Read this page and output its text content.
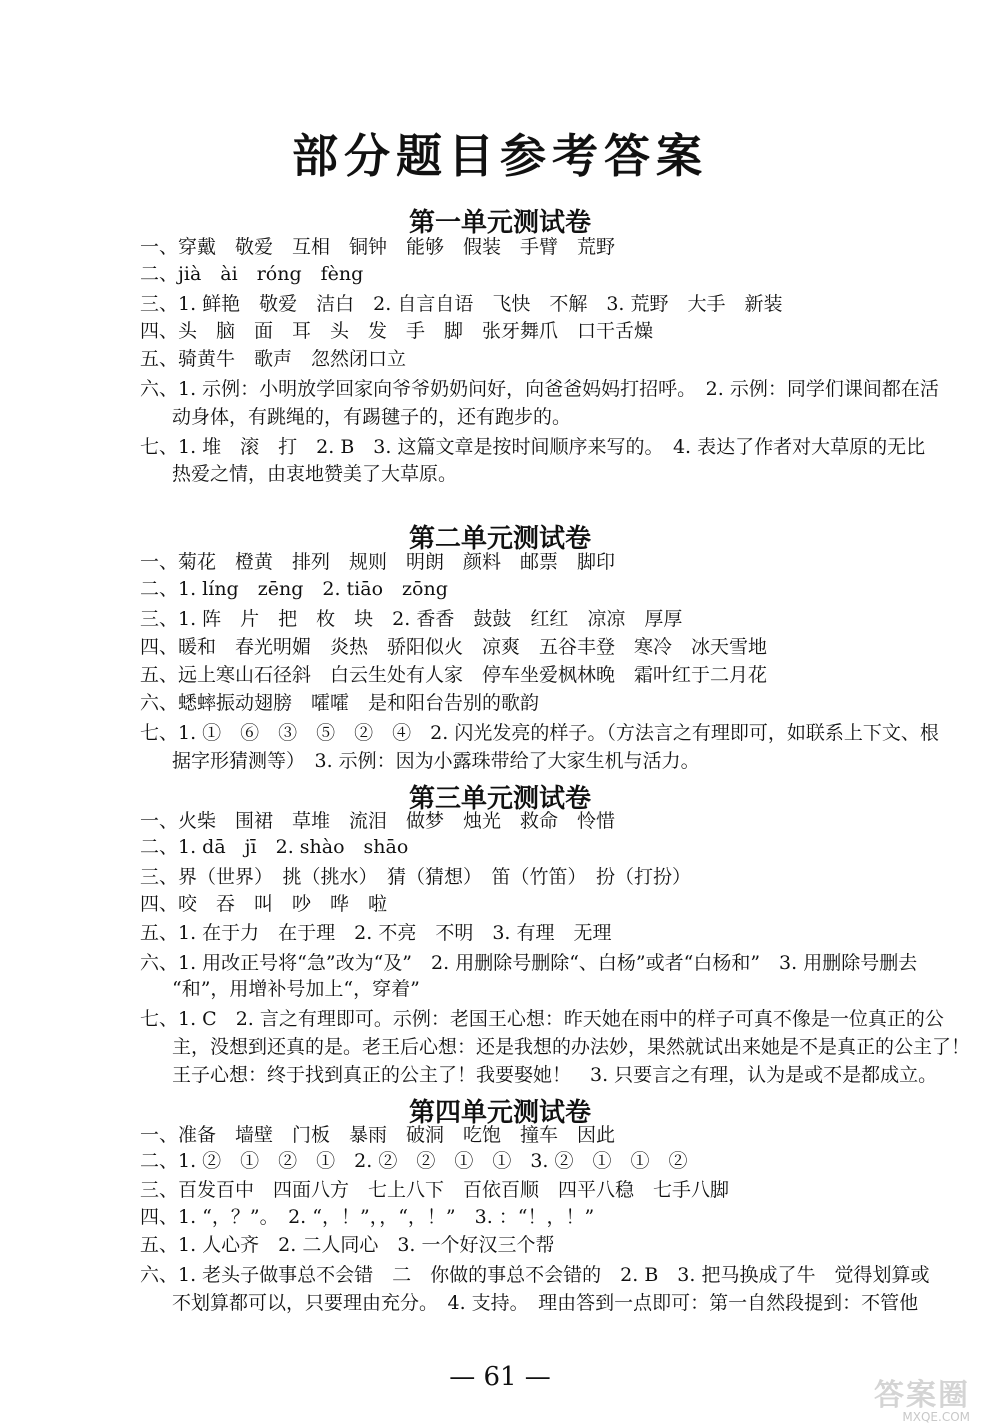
部分题目参考答案
第一单元测试卷
一、穿戴　敬爱　互相　铜钟　能够　假装　手臂　荒野
二、jià　ài　róng　fèng
三、1. 鲜艳　敬爱　洁白　2. 自言自语　飞快　不解　3. 荒野　大手　新装
四、头　脑　面　耳　头　发　手　脚　张牙舞爪　口干舌燥
五、骑黄牛　歌声　忽然闭口立
六、1. 示例：小明放学回家向爷爷奶奶问好，向爸爸妈妈打招呼。　2. 示例：同学们课间都在活
动身体，有跳绳的，有踢毽子的，还有跑步的。
七、1. 堆　滚　打　2. B　3. 这篇文章是按时间顺序来写的。　4. 表达了作者对大草原的无比
热爱之情，由衷地赞美了大草原。
第二单元测试卷
一、菊花　橙黄　排列　规则　明朗　颜料　邮票　脚印
二、1. líng　zēng　2. tiāo　zōng
三、1. 阵　片　把　枚　块　2. 香香　鼓鼓　红红　凉凉　厚厚
四、暖和　春光明媚　炎热　骄阳似火　凉爽　五谷丰登　寒冷　冰天雪地
五、远上寒山石径斜　白云生处有人家　停车坐爱枫林晚　霜叶红于二月花
六、蟋蟀振动翅膀　嚯嚯　是和阳台告别的歌韵
七、1. ①　⑥　③　⑤　②　④　2. 闪光发亮的样子。（方法言之有理即可，如联系上下文、根
据字形猜测等）　3. 示例：因为小露珠带给了大家生机与活力。
第三单元测试卷
一、火柴　围裙　草堆　流泪　做梦　烛光　救命　怜惜
二、1. dā　jī　2. shào　shāo
三、界（世界）　挑（挑水）　猜（猜想）　笛（竹笛）　扮（打扮）
四、咬　吞　叫　吵　哗　啦
五、1. 在于力　在于理　2. 不亮　不明　3. 有理　无理
六、1. 用改正号将“急”改为“及”　2. 用删除号删除“、白杨”或者“白杨和”　3. 用删除号删去
“和”，用增补号加上“，穿着”
七、1. C　2. 言之有理即可。示例：老国王心想：昨天她在雨中的样子可真不像是一位真正的公
主，没想到还真的是。老王后心想：还是我想的办法妙，果然就试出来她是不是真正的公主了！
王子心想：终于找到真正的公主了！我要娶她！　3. 只要言之有理，认为是或不是都成立。
第四单元测试卷
一、准备　墙壁　门板　暴雨　破洞　吃饱　撞车　因此
二、1. ②　①　②　①　2. ②　②　①　①　3. ②　①　①　②
三、百发百中　四面八方　七上八下　百依百顺　四平八稳　七手八脚
四、1. “，？”。　2. “，！”，，“，！”　3. ：“！，！”
五、1. 人心齐　2. 二人同心　3. 一个好汉三个帮
六、1. 老头子做事总不会错　二　你做的事总不会错的　2. B　3. 把马换成了牛　觉得划算或
不划算都可以，只要理由充分。　4. 支持。　理由答到一点即可：第一自然段提到：不管他
— 61 —
答案圈
MXQE.COM
